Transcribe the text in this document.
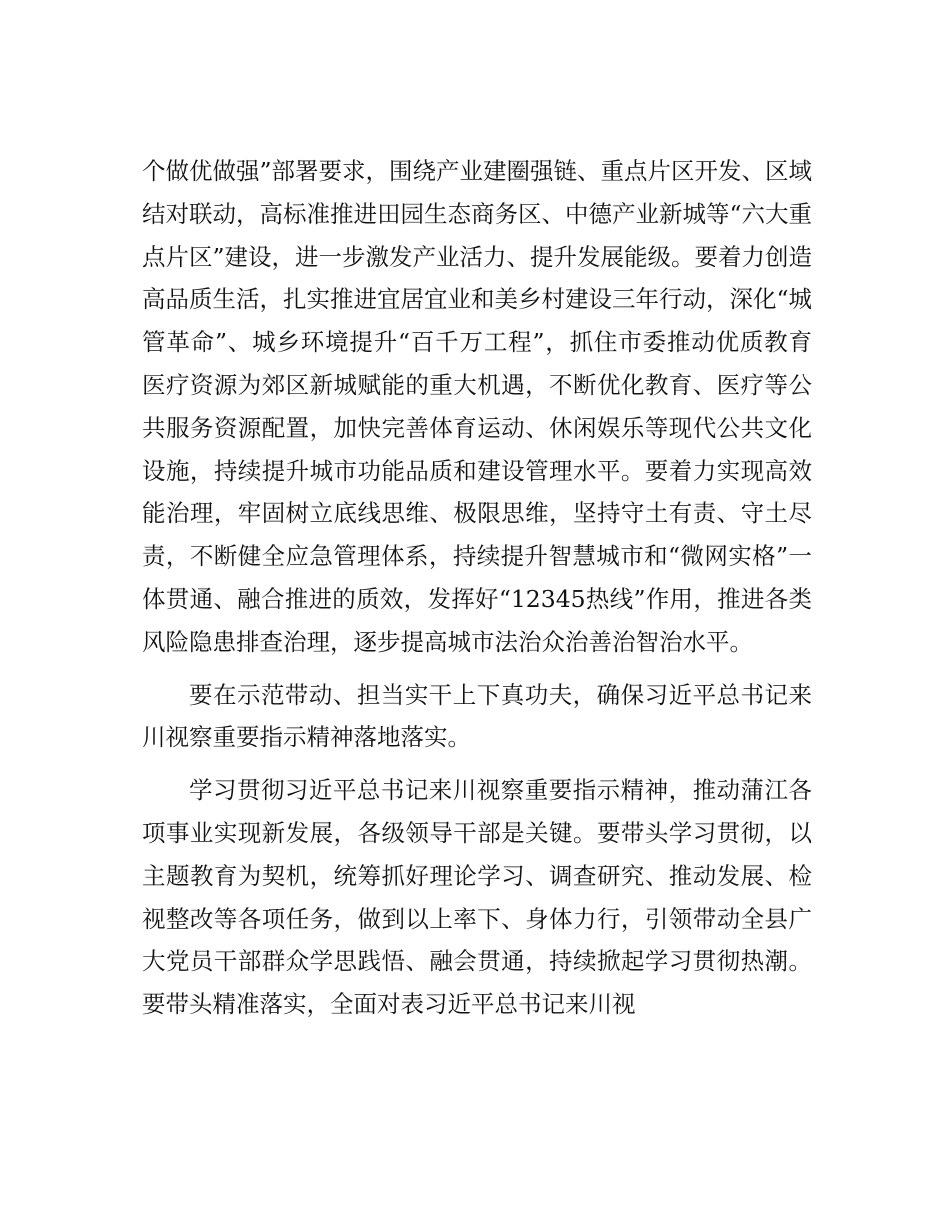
个做优做强”部署要求，围绕产业建圈强链、重点片区开发、区域结对联动，高标准推进田园生态商务区、中德产业新城等“六大重点片区”建设，进一步激发产业活力、提升发展能级。要着力创造高品质生活，扎实推进宜居宜业和美乡村建设三年行动，深化“城管革命”、城乡环境提升“百千万工程”，抓住市委推动优质教育医疗资源为郊区新城赋能的重大机遇，不断优化教育、医疗等公共服务资源配置，加快完善体育运动、休闲娱乐等现代公共文化设施，持续提升城市功能品质和建设管理水平。要着力实现高效能治理，牢固树立底线思维、极限思维，坚持守土有责、守土尽责，不断健全应急管理体系，持续提升智慧城市和“微网实格”一体贯通、融合推进的质效，发挥好“12345热线”作用，推进各类风险隐患排查治理，逐步提高城市法治众治善治智治水平。

要在示范带动、担当实干上下真功夫，确保习近平总书记来川视察重要指示精神落地落实。

学习贯彻习近平总书记来川视察重要指示精神，推动蒲江各项事业实现新发展，各级领导干部是关键。要带头学习贯彻，以主题教育为契机，统筹抓好理论学习、调查研究、推动发展、检视整改等各项任务，做到以上率下、身体力行，引领带动全县广大党员干部群众学思践悟、融会贯通，持续掀起学习贯彻热潮。要带头精准落实，全面对表习近平总书记来川视
